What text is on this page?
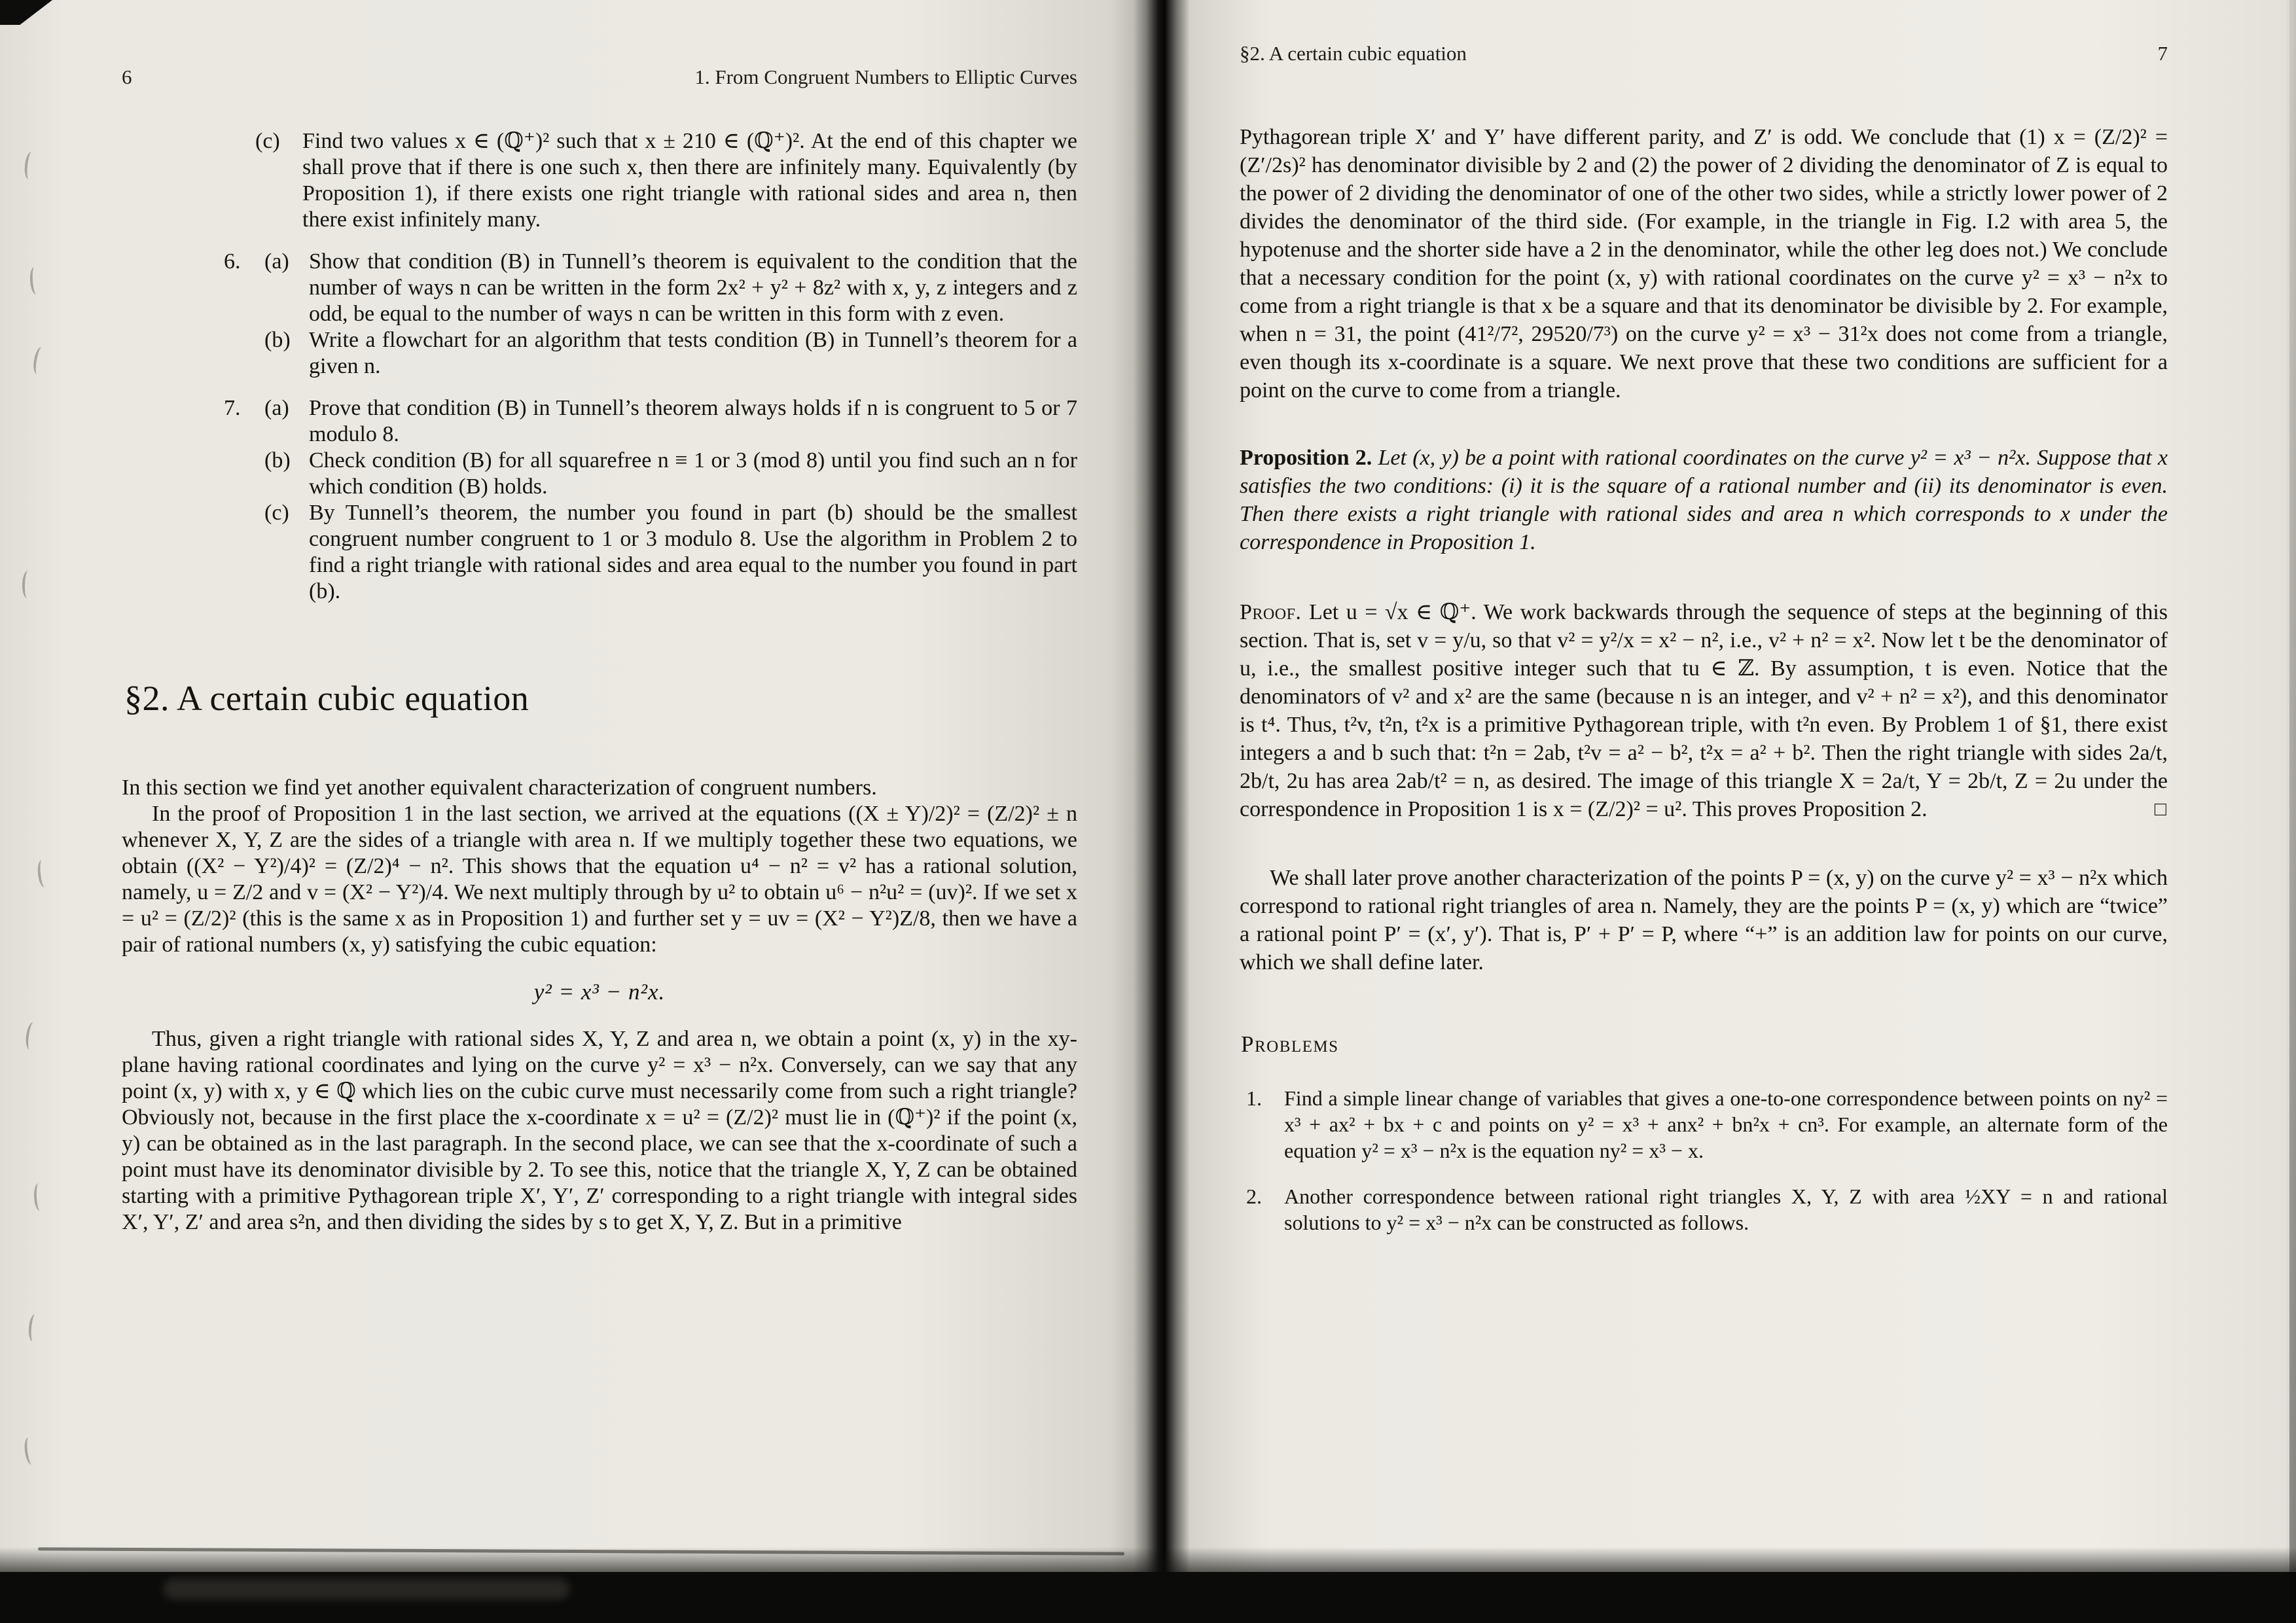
6	1. From Congruent Numbers to Elliptic Curves
(c)	Find two values x ∈ (ℚ⁺)² such that x ± 210 ∈ (ℚ⁺)². At the end of this chapter we shall prove that if there is one such x, then there are infinitely many. Equivalently (by Proposition 1), if there exists one right triangle with rational sides and area n, then there exist infinitely many.

6.	(a) Show that condition (B) in Tunnell’s theorem is equivalent to the condition that the number of ways n can be written in the form 2x² + y² + 8z² with x, y, z integers and z odd, be equal to the number of ways n can be written in this form with z even.

(b) Write a flowchart for an algorithm that tests condition (B) in Tunnell’s theorem for a given n.

7.	(a) Prove that condition (B) in Tunnell’s theorem always holds if n is congruent to 5 or 7 modulo 8.

(b) Check condition (B) for all squarefree n ≡ 1 or 3 (mod 8) until you find such an n for which condition (B) holds.

(c) By Tunnell’s theorem, the number you found in part (b) should be the smallest congruent number congruent to 1 or 3 modulo 8. Use the algorithm in Problem 2 to find a right triangle with rational sides and area equal to the number you found in part (b).

§2. A certain cubic equation

In this section we find yet another equivalent characterization of congruent numbers.

In the proof of Proposition 1 in the last section, we arrived at the equations ((X ± Y)/2)² = (Z/2)² ± n whenever X, Y, Z are the sides of a triangle with area n. If we multiply together these two equations, we obtain ((X² − Y²)/4)² = (Z/2)⁴ − n². This shows that the equation u⁴ − n² = v² has a rational solution, namely, u = Z/2 and v = (X² − Y²)/4. We next multiply through by u² to obtain u⁶ − n²u² = (uv)². If we set x = u² = (Z/2)² (this is the same x as in Proposition 1) and further set y = uv = (X² − Y²)Z/8, then we have a pair of rational numbers (x, y) satisfying the cubic equation:

y² = x³ − n²x.

Thus, given a right triangle with rational sides X, Y, Z and area n, we obtain a point (x, y) in the xy-plane having rational coordinates and lying on the curve y² = x³ − n²x. Conversely, can we say that any point (x, y) with x, y ∈ ℚ which lies on the cubic curve must necessarily come from such a right triangle? Obviously not, because in the first place the x-coordinate x = u² = (Z/2)² must lie in (ℚ⁺)² if the point (x, y) can be obtained as in the last paragraph. In the second place, we can see that the x-coordinate of such a point must have its denominator divisible by 2. To see this, notice that the triangle X, Y, Z can be obtained starting with a primitive Pythagorean triple X′, Y′, Z′ corresponding to a right triangle with integral sides X′, Y′, Z′ and area s²n, and then dividing the sides by s to get X, Y, Z. But in a primitive

§2. A certain cubic equation	7

Pythagorean triple X′ and Y′ have different parity, and Z′ is odd. We conclude that (1) x = (Z/2)² = (Z′/2s)² has denominator divisible by 2 and (2) the power of 2 dividing the denominator of Z is equal to the power of 2 dividing the denominator of one of the other two sides, while a strictly lower power of 2 divides the denominator of the third side. (For example, in the triangle in Fig. I.2 with area 5, the hypotenuse and the shorter side have a 2 in the denominator, while the other leg does not.) We conclude that a necessary condition for the point (x, y) with rational coordinates on the curve y² = x³ − n²x to come from a right triangle is that x be a square and that its denominator be divisible by 2. For example, when n = 31, the point (41²/7², 29520/7³) on the curve y² = x³ − 31²x does not come from a triangle, even though its x-coordinate is a square. We next prove that these two conditions are sufficient for a point on the curve to come from a triangle.

Proposition 2. Let (x, y) be a point with rational coordinates on the curve y² = x³ − n²x. Suppose that x satisfies the two conditions: (i) it is the square of a rational number and (ii) its denominator is even. Then there exists a right triangle with rational sides and area n which corresponds to x under the correspondence in Proposition 1.

Proof. Let u = √x ∈ ℚ⁺. We work backwards through the sequence of steps at the beginning of this section. That is, set v = y/u, so that v² = y²/x = x² − n², i.e., v² + n² = x². Now let t be the denominator of u, i.e., the smallest positive integer such that tu ∈ ℤ. By assumption, t is even. Notice that the denominators of v² and x² are the same (because n is an integer, and v² + n² = x²), and this denominator is t⁴. Thus, t²v, t²n, t²x is a primitive Pythagorean triple, with t²n even. By Problem 1 of §1, there exist integers a and b such that: t²n = 2ab, t²v = a² − b², t²x = a² + b². Then the right triangle with sides 2a/t, 2b/t, 2u has area 2ab/t² = n, as desired. The image of this triangle X = 2a/t, Y = 2b/t, Z = 2u under the correspondence in Proposition 1 is x = (Z/2)² = u². This proves Proposition 2.	□

We shall later prove another characterization of the points P = (x, y) on the curve y² = x³ − n²x which correspond to rational right triangles of area n. Namely, they are the points P = (x, y) which are “twice” a rational point P′ = (x′, y′). That is, P′ + P′ = P, where “+” is an addition law for points on our curve, which we shall define later.

Problems
1.	Find a simple linear change of variables that gives a one-to-one correspondence between points on ny² = x³ + ax² + bx + c and points on y² = x³ + anx² + bn²x + cn³. For example, an alternate form of the equation y² = x³ − n²x is the equation ny² = x³ − x.

2.	Another correspondence between rational right triangles X, Y, Z with area ½XY = n and rational solutions to y² = x³ − n²x can be constructed as follows.
